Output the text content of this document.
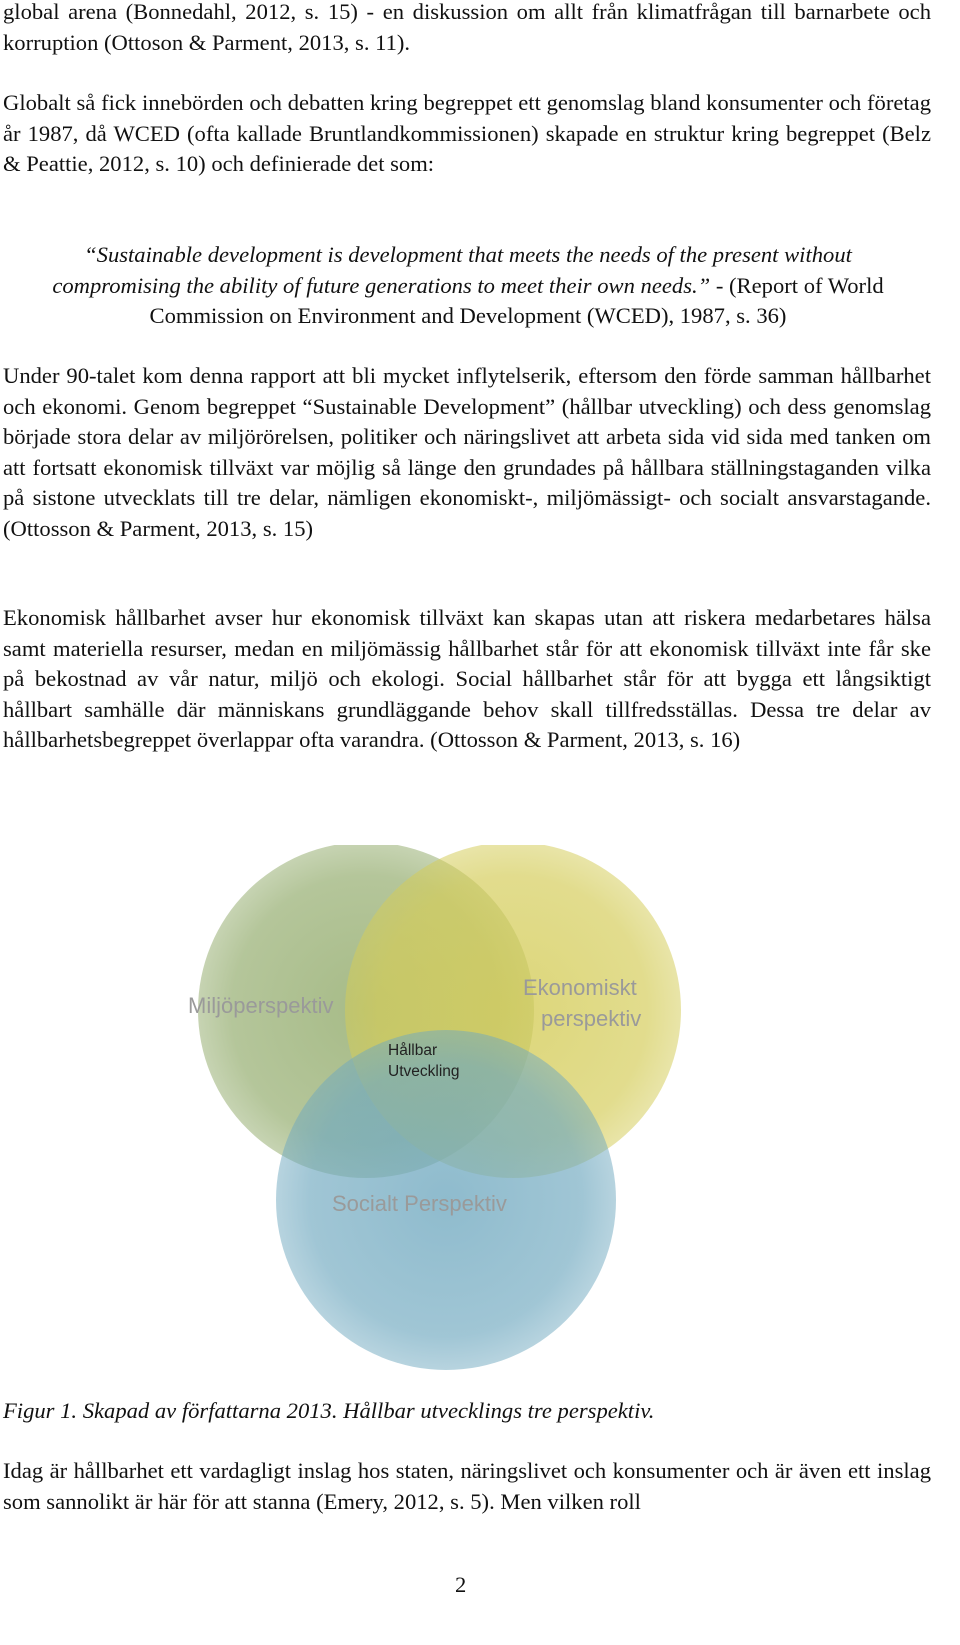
global arena (Bonnedahl, 2012, s. 15) - en diskussion om allt från klimatfrågan till barnarbete och korruption (Ottoson & Parment, 2013, s. 11).

Globalt så fick innebörden och debatten kring begreppet ett genomslag bland konsumenter och företag år 1987, då WCED (ofta kallade Bruntlandkommissionen) skapade en struktur kring begreppet (Belz & Peattie, 2012, s. 10) och definierade det som:

“Sustainable development is development that meets the needs of the present without compromising the ability of future generations to meet their own needs.” - (Report of World Commission on Environment and Development (WCED), 1987, s. 36)

Under 90-talet kom denna rapport att bli mycket inflytelserik, eftersom den förde samman hållbarhet och ekonomi. Genom begreppet “Sustainable Development” (hållbar utveckling) och dess genomslag började stora delar av miljörörelsen, politiker och näringslivet att arbeta sida vid sida med tanken om att fortsatt ekonomisk tillväxt var möjlig så länge den grundades på hållbara ställningstaganden vilka på sistone utvecklats till tre delar, nämligen ekonomiskt-, miljömässigt- och socialt ansvarstagande. (Ottosson & Parment, 2013, s. 15)

Ekonomisk hållbarhet avser hur ekonomisk tillväxt kan skapas utan att riskera medarbetares hälsa samt materiella resurser, medan en miljömässig hållbarhet står för att ekonomisk tillväxt inte får ske på bekostnad av vår natur, miljö och ekologi. Social hållbarhet står för att bygga ett långsiktigt hållbart samhälle där människans grundläggande behov skall tillfredsställas. Dessa tre delar av hållbarhetsbegreppet överlappar ofta varandra. (Ottosson & Parment, 2013, s. 16)

Miljöperspektiv
Ekonomiskt
perspektiv
Socialt Perspektiv
Hållbar
Utveckling

Figur 1. Skapad av författarna 2013. Hållbar utvecklings tre perspektiv.

Idag är hållbarhet ett vardagligt inslag hos staten, näringslivet och konsumenter och är även ett inslag som sannolikt är här för att stanna (Emery, 2012, s. 5). Men vilken roll

2
